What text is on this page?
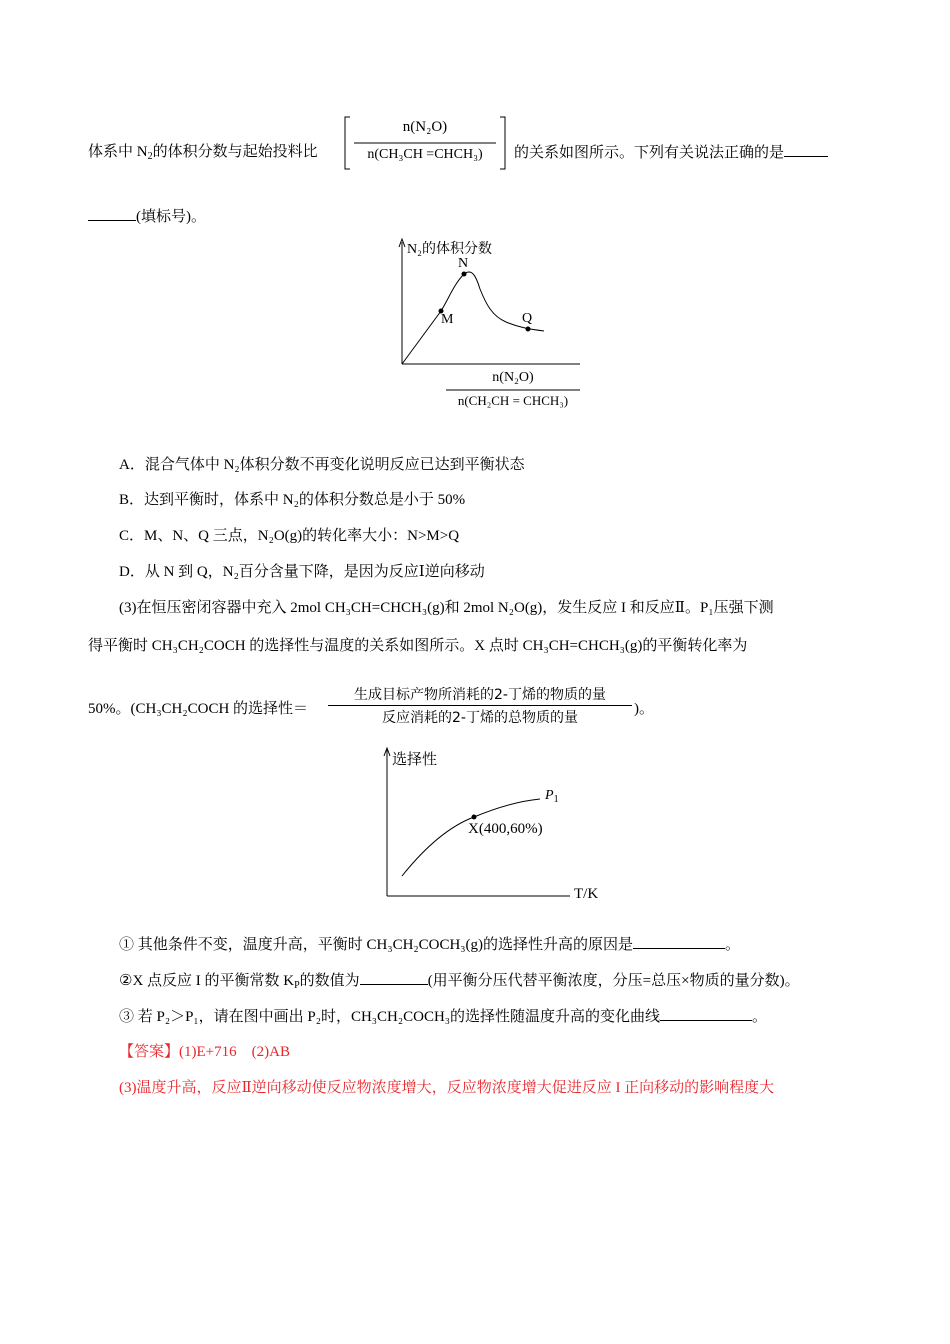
体系中 $N_2$的体积分数与起始投料比
n(N₂O)
n(CH₃CH =CHCH₃)	的关系如图所示。下列有关说法正确的是
(填标号)。
N₂的体积分数
N
M	Q
n(N₂O)
n(CH₂CH = CHCH₃)
A．混合气体中 N₂体积分数不再变化说明反应已达到平衡状态
B．达到平衡时，体系中 N₂的体积分数总是小于 50%
C．M、N、Q 三点，N₂O(g)的转化率大小：N>M>Q
D．从 N 到 Q，N₂百分含量下降，是因为反应Ⅰ逆向移动
(3)在恒压密闭容器中充入 2mol CH₃CH=CHCH₃(g)和 2mol N₂O(g)，发生反应 I 和反应Ⅱ。P₁压强下测
得平衡时 CH₃CH₂COCH 的选择性与温度的关系如图所示。X 点时 CH₃CH=CHCH₃(g)的平衡转化率为
50%。(CH₃CH₂COCH 的选择性＝
生成目标产物所消耗的2-丁烯的物质的量
反应消耗的2-丁烯的总物质的量
)。
选择性
$P_1$
X(400,60%)
T/K
① 其他条件不变，温度升高，平衡时 CH₃CH₂COCH₃(g)的选择性升高的原因是	。
②X 点反应 I 的平衡常数 $K_P$的数值为	(用平衡分压代替平衡浓度，分压=总压×物质的量分数)。
③ 若 P₂＞P₁，请在图中画出 P₂时，CH₃CH₂COCH₃的选择性随温度升高的变化曲线	。
【答案】(1)E+716　(2)AB
(3)温度升高，反应Ⅱ逆向移动使反应物浓度增大，反应物浓度增大促进反应 I 正向移动的影响程度大
